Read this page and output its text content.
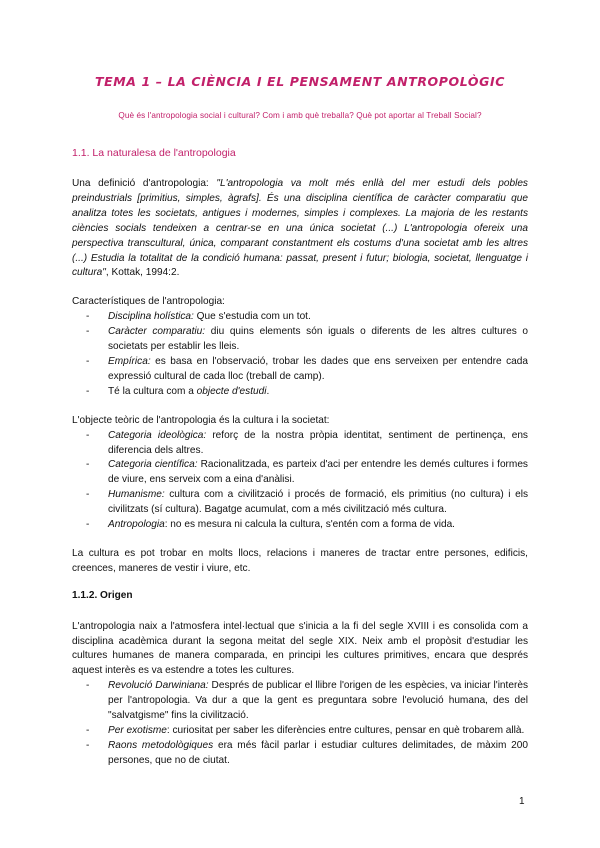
TEMA 1 – LA CIÈNCIA I EL PENSAMENT ANTROPOLÒGIC
Què és l'antropologia social i cultural? Com i amb què treballa? Què pot aportar al Treball Social?
1.1. La naturalesa de l'antropologia

Una definició d'antropologia: "L'antropologia va molt més enllà del mer estudi dels pobles preindustrials [primitius, simples, àgrafs]. És una disciplina científica de caràcter comparatiu que analitza totes les societats, antigues i modernes, simples i complexes. La majoria de les restants ciències socials tendeixen a centrar-se en una única societat (...) L'antropologia ofereix una perspectiva transcultural, única, comparant constantment els costums d'una societat amb les altres (...) Estudia la totalitat de la condició humana: passat, present i futur; biologia, societat, llenguatge i cultura", Kottak, 1994:2.

Característiques de l'antropologia:

- Disciplina holística: Que s'estudia com un tot.
- Caràcter comparatiu: diu quins elements són iguals o diferents de les altres cultures o societats per establir les lleis.
- Empírica: es basa en l'observació, trobar les dades que ens serveixen per entendre cada expressió cultural de cada lloc (treball de camp).
- Té la cultura com a objecte d'estudi.

L'objecte teòric de l'antropologia és la cultura i la societat:

- Categoria ideològica: reforç de la nostra pròpia identitat, sentiment de pertinença, ens diferencia dels altres.
- Categoria científica: Racionalitzada, es parteix d'aci per entendre les demés cultures i formes de viure, ens serveix com a eina d'anàlisi.
- Humanisme: cultura com a civilització i procés de formació, els primitius (no cultura) i els civilitzats (sí cultura). Bagatge acumulat, com a més civilització més cultura.
- Antropologia: no es mesura ni calcula la cultura, s'entén com a forma de vida.

La cultura es pot trobar en molts llocs, relacions i maneres de tractar entre persones, edificis, creences, maneres de vestir i viure, etc.

1.1.2. Origen

L'antropologia naix a l'atmosfera intel·lectual que s'inicia a la fi del segle XVIII i es consolida com a disciplina acadèmica durant la segona meitat del segle XIX. Neix amb el propòsit d'estudiar les cultures humanes de manera comparada, en principi les cultures primitives, encara que després aquest interès es va estendre a totes les cultures.

- Revolució Darwiniana: Després de publicar el llibre l'origen de les espècies, va iniciar l'interès per l'antropologia. Va dur a que la gent es preguntara sobre l'evolució humana, des del "salvatgisme" fins la civilització.
- Per exotisme: curiositat per saber les diferències entre cultures, pensar en què trobarem allà.
- Raons metodològiques era més fàcil parlar i estudiar cultures delimitades, de màxim 200 persones, que no de ciutat.
1
